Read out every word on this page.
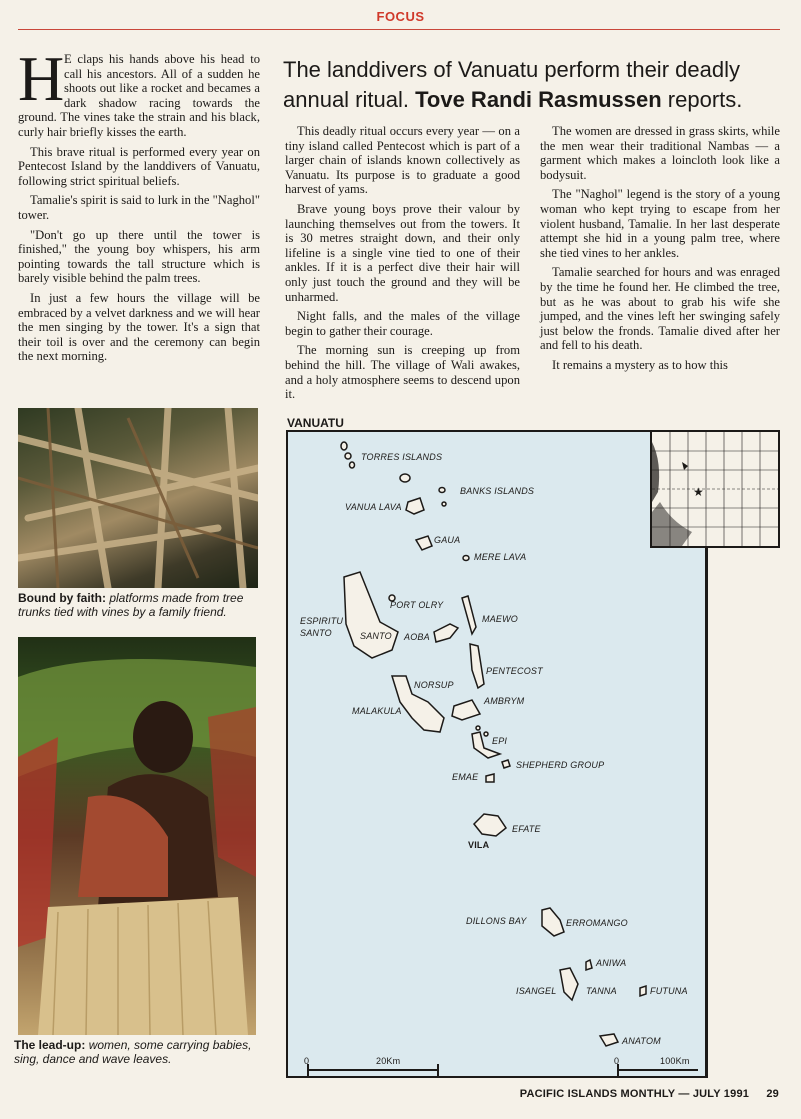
FOCUS

H E claps his hands above his head to call his ancestors. All of a sudden he shoots out like a rocket and becames a dark shadow racing towards the ground. The vines take the strain and his black, curly hair briefly kisses the earth.

This brave ritual is performed every year on Pentecost Island by the landdivers of Vanuatu, following strict spiritual beliefs.

Tamalie's spirit is said to lurk in the "Naghol" tower.

"Don't go up there until the tower is finished," the young boy whispers, his arm pointing towards the tall structure which is barely visible behind the palm trees.

In just a few hours the village will be embraced by a velvet darkness and we will hear the men singing by the tower. It's a sign that their toil is over and the ceremony can begin the next morning.

The landdivers of Vanuatu perform their deadly annual ritual. Tove Randi Rasmussen reports.

This deadly ritual occurs every year — on a tiny island called Pentecost which is part of a larger chain of islands known collectively as Vanuatu. Its purpose is to graduate a good harvest of yams.

Brave young boys prove their valour by launching themselves out from the towers. It is 30 metres straight down, and their only lifeline is a single vine tied to one of their ankles. If it is a perfect dive their hair will only just touch the ground and they will be unharmed.

Night falls, and the males of the village begin to gather their courage.

The morning sun is creeping up from behind the hill. The village of Wali awakes, and a holy atmosphere seems to descend upon it.

The women are dressed in grass skirts, while the men wear their traditional Nambas — a garment which makes a loincloth look like a bodysuit.

The "Naghol" legend is the story of a young woman who kept trying to escape from her violent husband, Tamalie. In her last desperate attempt she hid in a young palm tree, where she tied vines to her ankles.

Tamalie searched for hours and was enraged by the time he found her. He climbed the tree, but as he was about to grab his wife she jumped, and the vines left her swinging safely just below the fronds. Tamalie dived after her and fell to his death.

It remains a mystery as to how this

Bound by faith: platforms made from tree trunks tied with vines by a family friend.
The lead-up: women, some carrying babies, sing, dance and wave leaves.
VANUATU
TORRES ISLANDS
BANKS ISLANDS
VANUA LAVA
GAUA
MERE LAVA
PORT OLRY
ESPIRITU
SANTO	SANTO AOBA
MAEWO
PENTECOST
NORSUP
MALAKULA
AMBRYM
EPI
SHEPHERD GROUP
EMAE
EFATE
VILA
DILLONS BAY	ERROMANGO
ANIWA
ISANGEL	TANNA	FUTUNA
ANATOM
0	20Km	0	100Km
★
PACIFIC ISLANDS MONTHLY — JULY 1991 29
